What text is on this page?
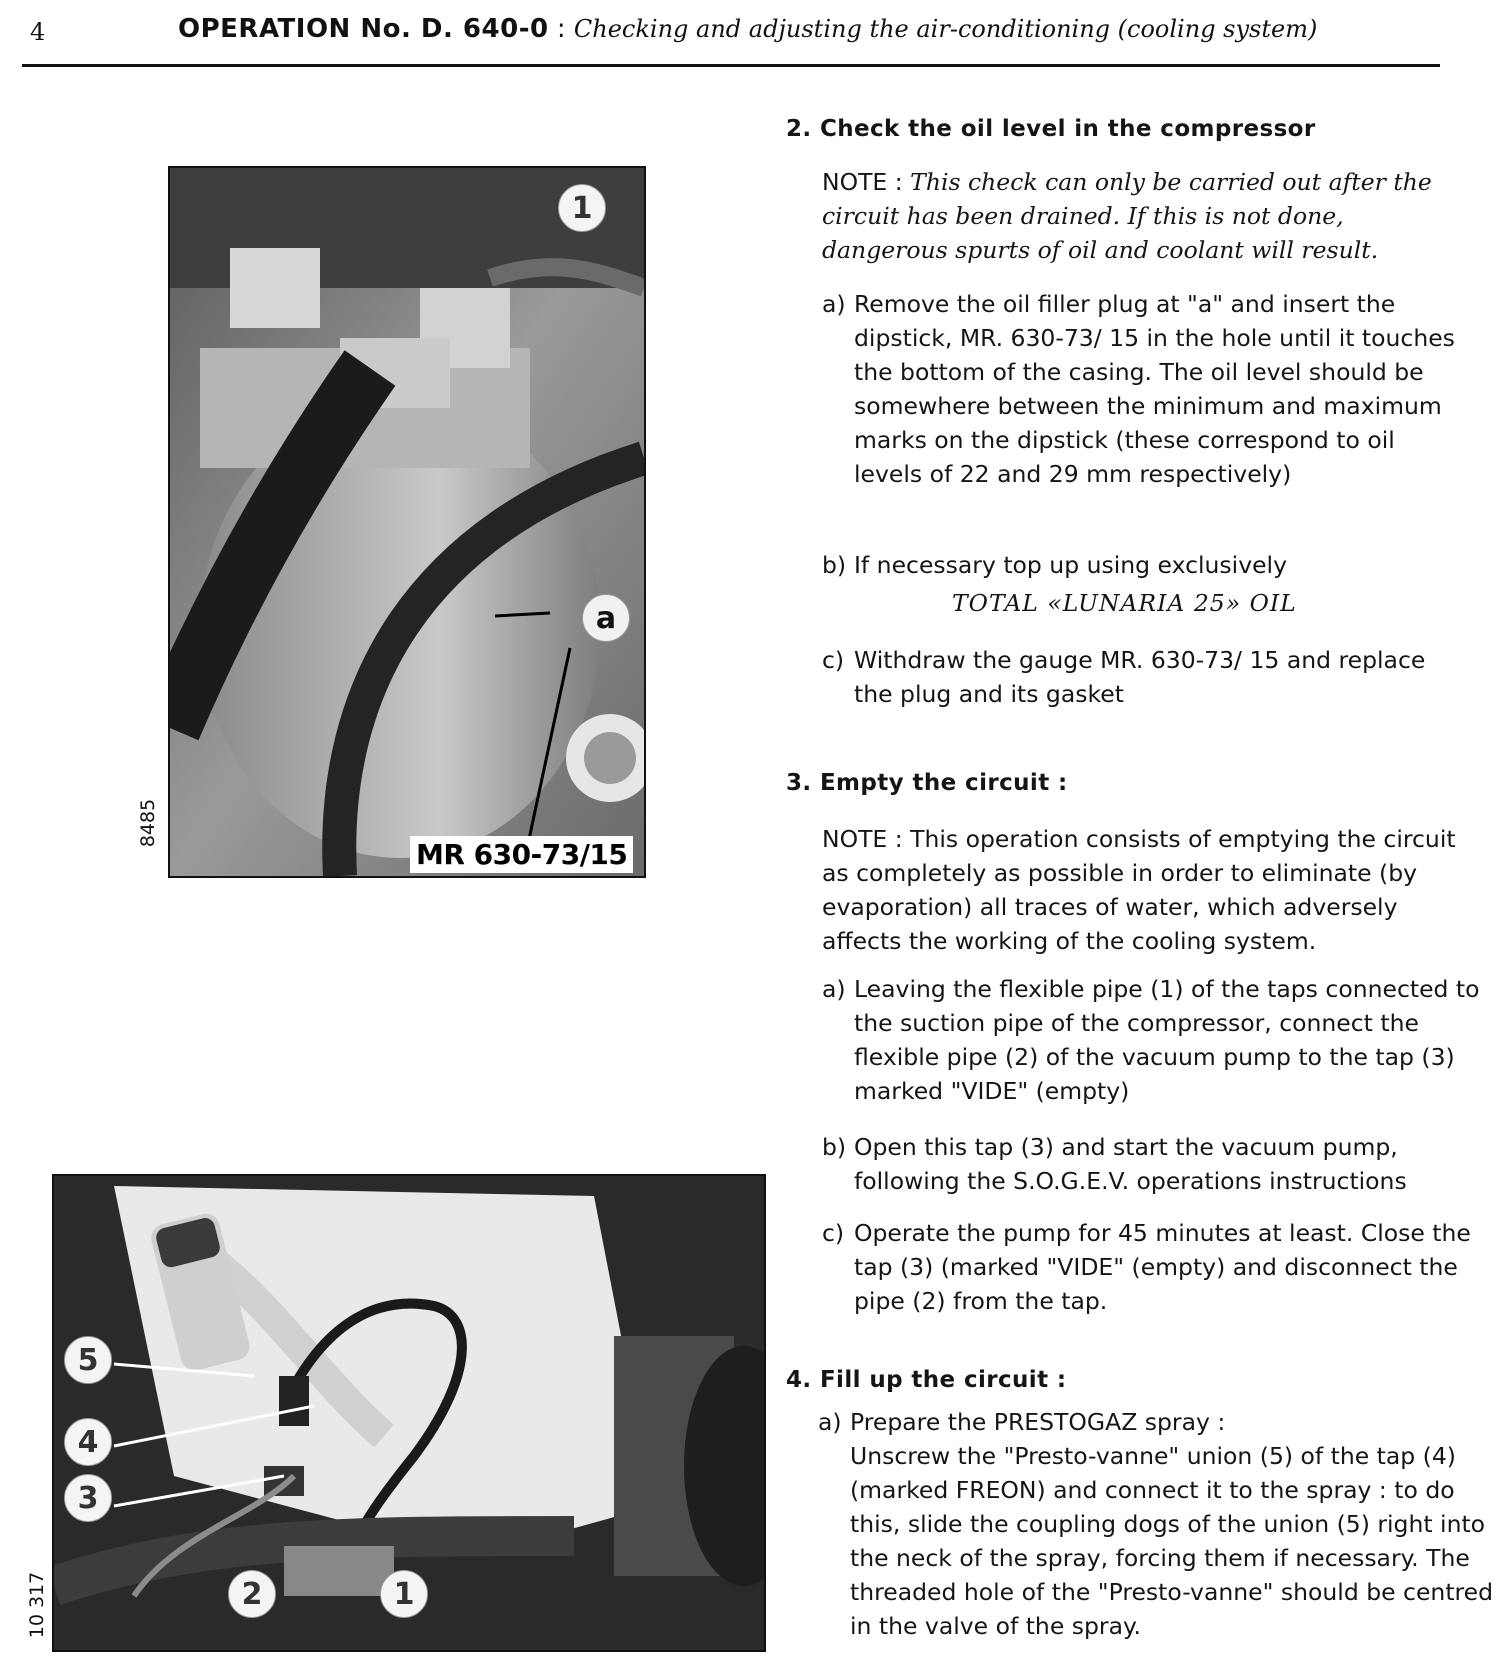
4	OPERATION No. D. 640-0 : Checking and adjusting the air-conditioning (cooling system)
1
a
MR 630-73/15
8485
5
4
3
2	1
10 317
2. Check the oil level in the compressor
NOTE : This check can only be carried out after the circuit has been drained. If this is not done, dangerous spurts of oil and coolant will result.
a) Remove the oil filler plug at "a" and insert the dipstick, MR. 630-73/ 15 in the hole until it touches the bottom of the casing. The oil level should be somewhere between the minimum and maximum marks on the dipstick (these correspond to oil levels of 22 and 29 mm respectively)
b) If necessary top up using exclusively
TOTAL «LUNARIA 25» OIL
c) Withdraw the gauge MR. 630-73/ 15 and replace the plug and its gasket
3. Empty the circuit :
NOTE : This operation consists of emptying the circuit as completely as possible in order to eliminate (by evaporation) all traces of water, which adversely affects the working of the cooling system.
a) Leaving the flexible pipe (1) of the taps connected to the suction pipe of the compressor, connect the flexible pipe (2) of the vacuum pump to the tap (3) marked "VIDE" (empty)
b) Open this tap (3) and start the vacuum pump, following the S.O.G.E.V. operations instructions
c) Operate the pump for 45 minutes at least. Close the tap (3) (marked "VIDE" (empty) and disconnect the pipe (2) from the tap.
4. Fill up the circuit :
a) Prepare the PRESTOGAZ spray :
Unscrew the "Presto-vanne" union (5) of the tap (4) (marked FREON) and connect it to the spray : to do this, slide the coupling dogs of the union (5) right into the neck of the spray, forcing them if necessary. The threaded hole of the "Presto-vanne" should be centred in the valve of the spray.
